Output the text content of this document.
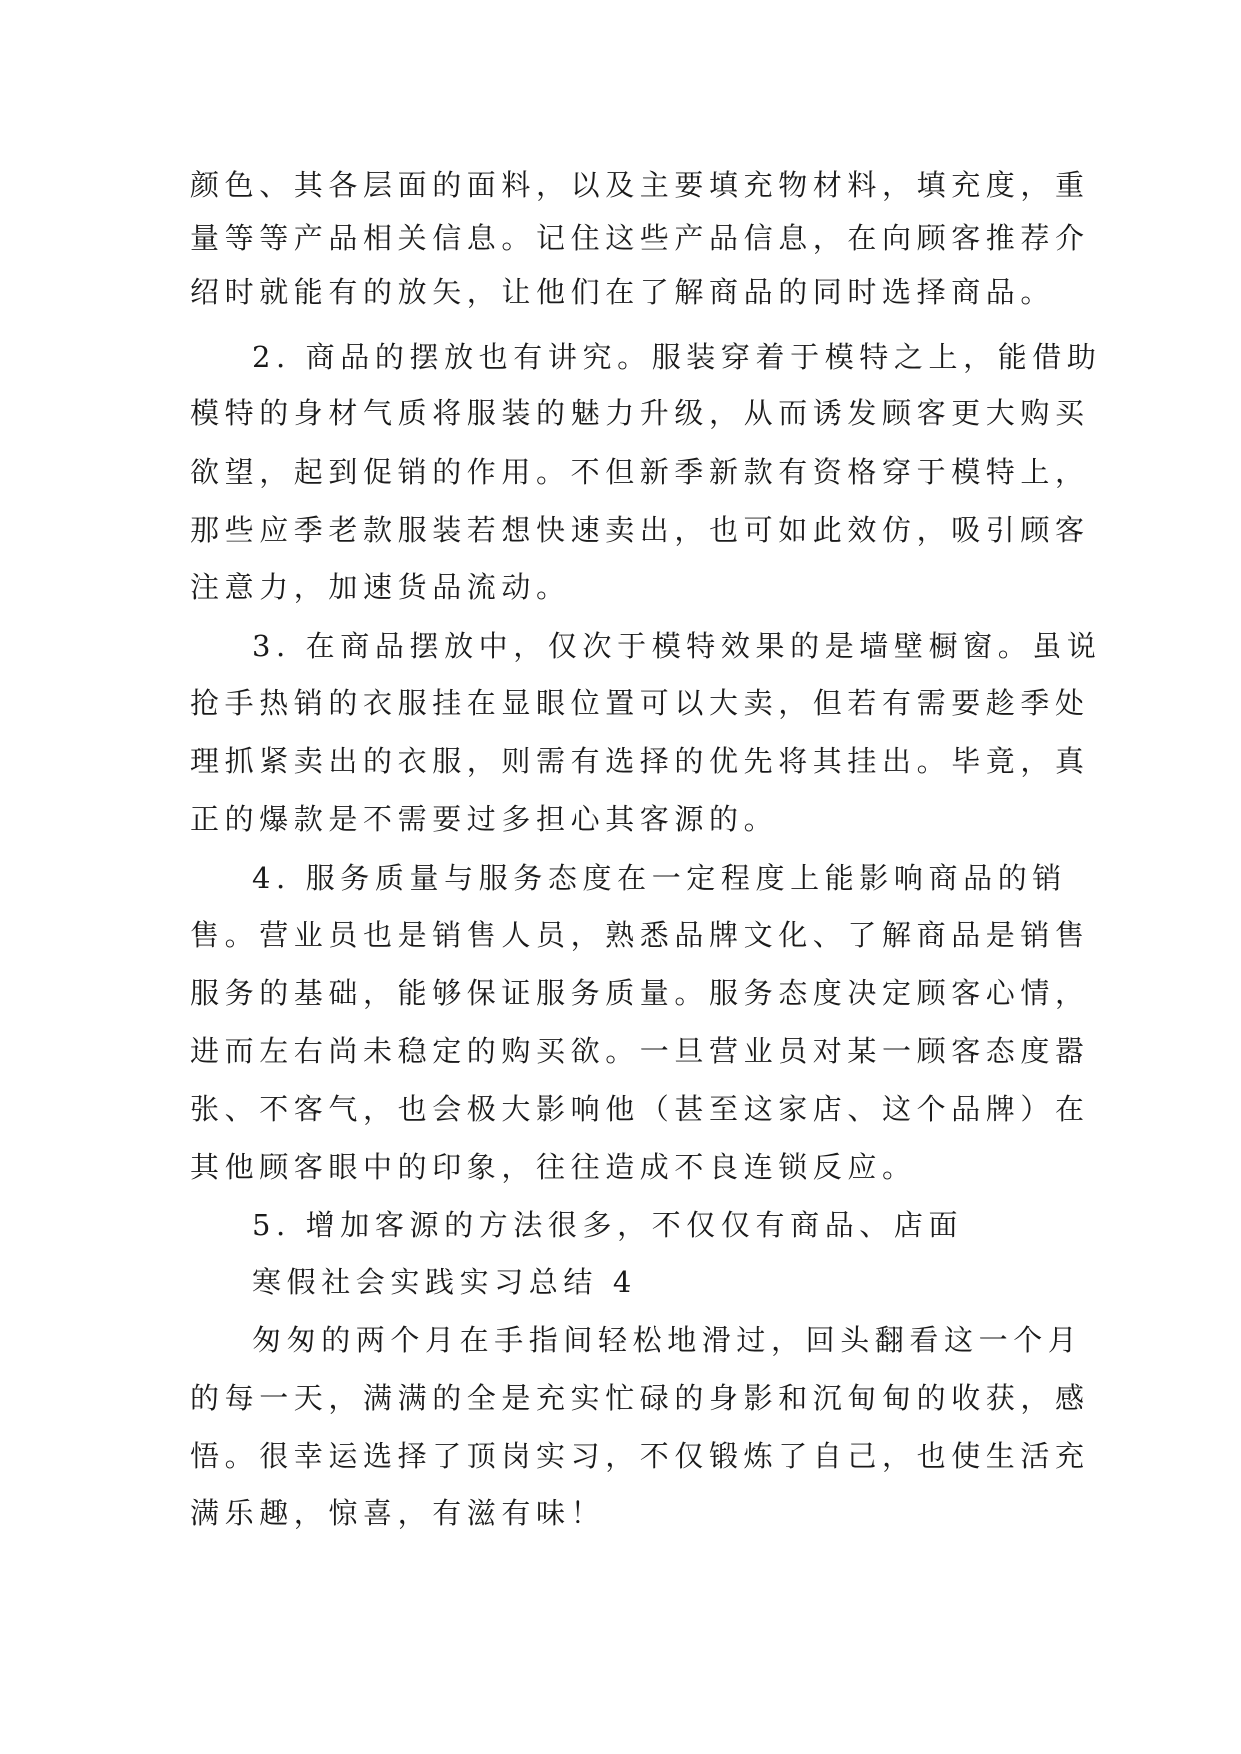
颜色、其各层面的面料，以及主要填充物材料，填充度，重
量等等产品相关信息。记住这些产品信息，在向顾客推荐介
绍时就能有的放矢，让他们在了解商品的同时选择商品。
2. 商品的摆放也有讲究。服装穿着于模特之上，能借助
模特的身材气质将服装的魅力升级，从而诱发顾客更大购买
欲望，起到促销的作用。不但新季新款有资格穿于模特上，
那些应季老款服装若想快速卖出，也可如此效仿，吸引顾客
注意力，加速货品流动。
3. 在商品摆放中，仅次于模特效果的是墙壁橱窗。虽说
抢手热销的衣服挂在显眼位置可以大卖，但若有需要趁季处
理抓紧卖出的衣服，则需有选择的优先将其挂出。毕竟，真
正的爆款是不需要过多担心其客源的。
4. 服务质量与服务态度在一定程度上能影响商品的销
售。营业员也是销售人员，熟悉品牌文化、了解商品是销售
服务的基础，能够保证服务质量。服务态度决定顾客心情，
进而左右尚未稳定的购买欲。一旦营业员对某一顾客态度嚣
张、不客气，也会极大影响他（甚至这家店、这个品牌）在
其他顾客眼中的印象，往往造成不良连锁反应。
5. 增加客源的方法很多，不仅仅有商品、店面
寒假社会实践实习总结 4
匆匆的两个月在手指间轻松地滑过，回头翻看这一个月
的每一天，满满的全是充实忙碌的身影和沉甸甸的收获，感
悟。很幸运选择了顶岗实习，不仅锻炼了自己，也使生活充
满乐趣，惊喜，有滋有味！
